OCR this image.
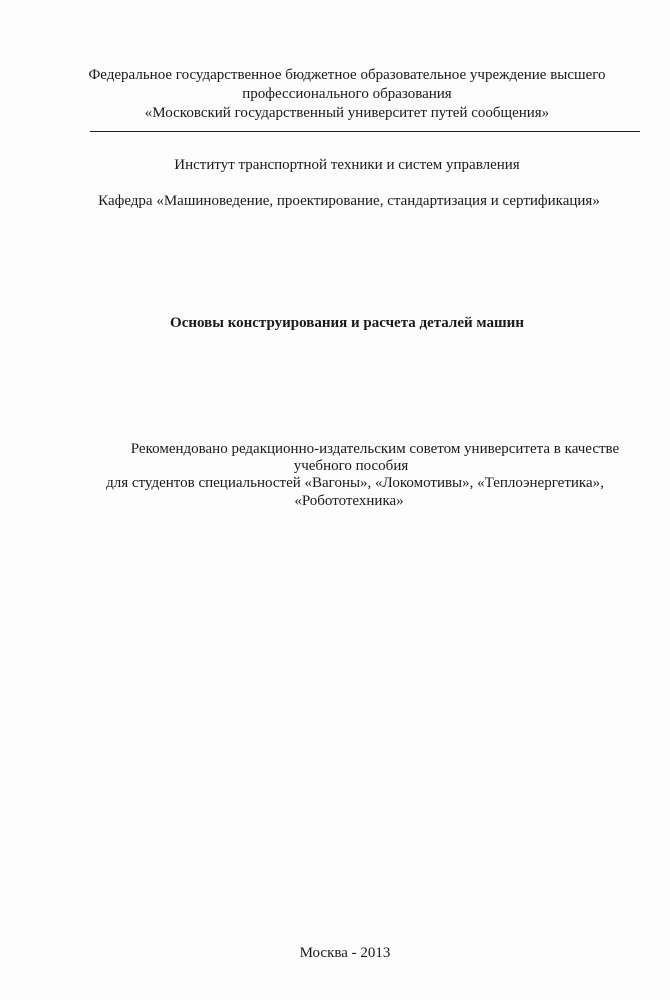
Федеральное государственное бюджетное образовательное учреждение высшего
профессионального образования
«Московский государственный университет путей сообщения»
Институт транспортной техники и систем управления
Кафедра «Машиноведение, проектирование, стандартизация и сертификация»
Основы конструирования и расчета деталей машин
Рекомендовано редакционно-издательским советом университета в качестве
учебного пособия
для студентов специальностей «Вагоны», «Локомотивы», «Теплоэнергетика»,
«Робототехника»
Москва - 2013
